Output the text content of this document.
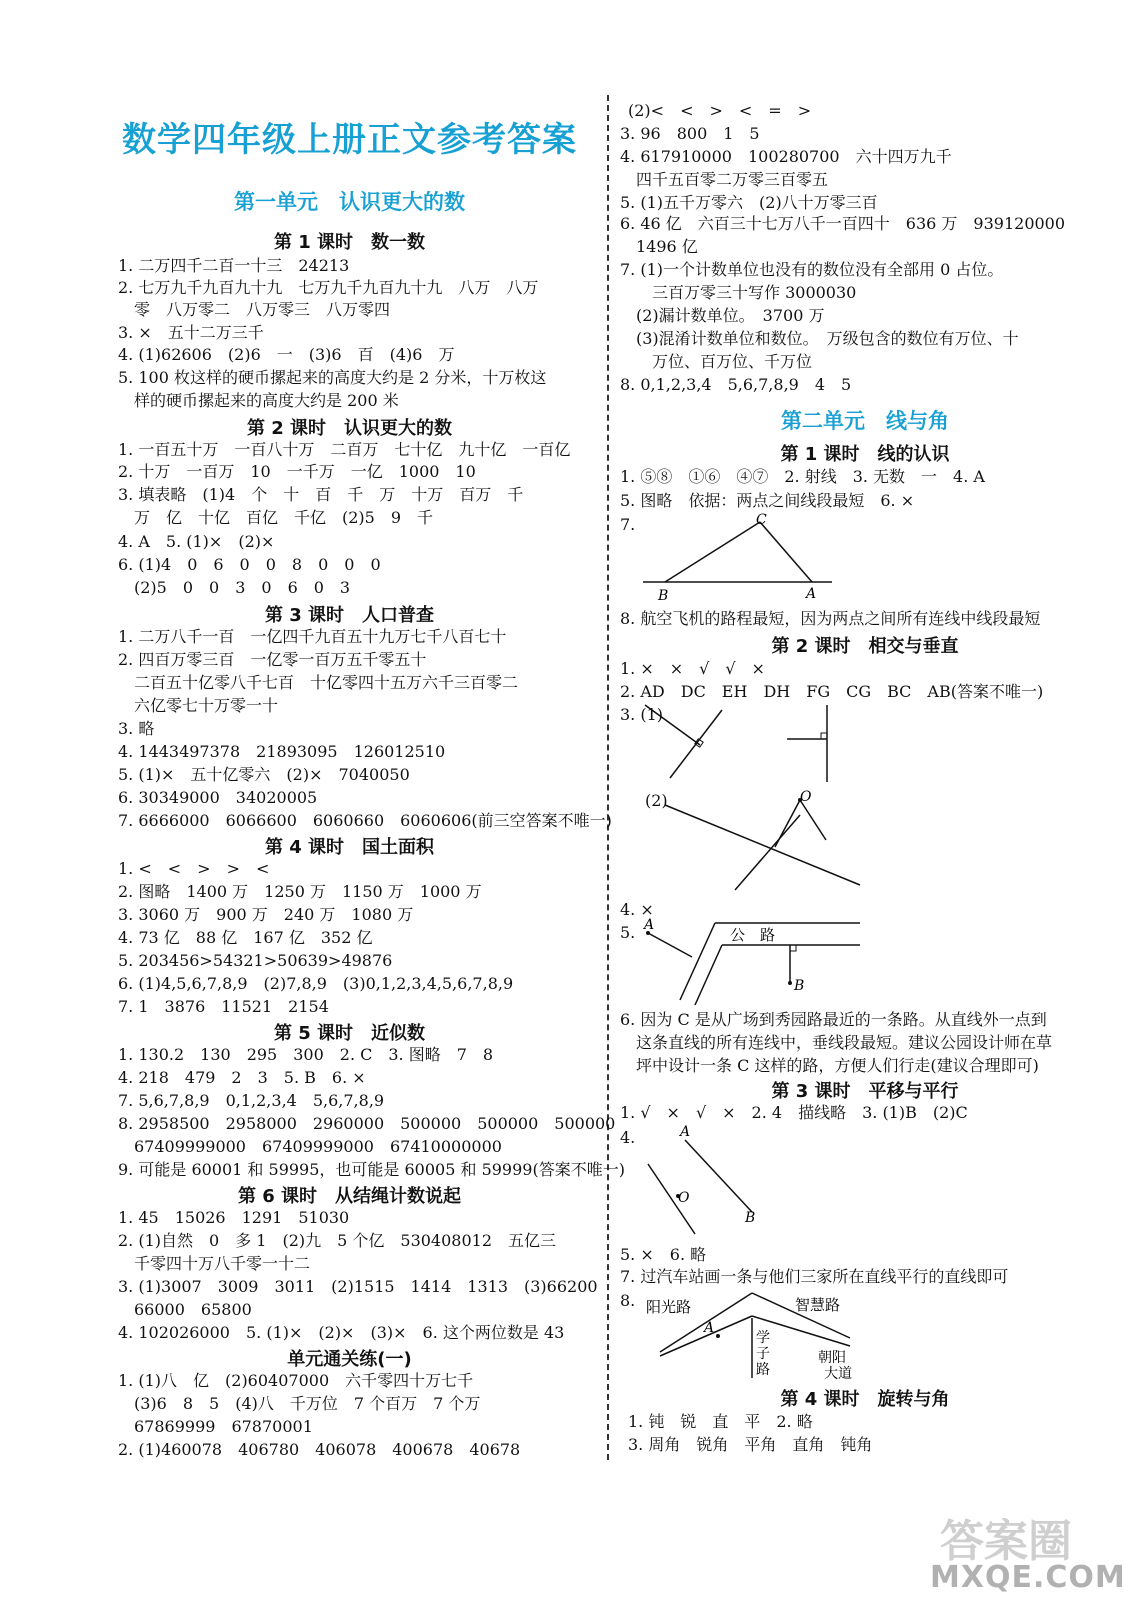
数学四年级上册正文参考答案
第一单元　认识更大的数
第 1 课时　数一数
1. 二万四千二百一十三　24213
2. 七万九千九百九十九　七万九千九百九十九　八万　八万
　零　八万零二　八万零三　八万零四
3. ×　五十二万三千
4. (1)62606　(2)6　一　(3)6　百　(4)6　万
5. 100 枚这样的硬币摞起来的高度大约是 2 分米，十万枚这
　样的硬币摞起来的高度大约是 200 米
第 2 课时　认识更大的数
1. 一百五十万　一百八十万　二百万　七十亿　九十亿　一百亿
2. 十万　一百万　10　一千万　一亿　1000　10
3. 填表略　(1)4　个　十　百　千　万　十万　百万　千
　万　亿　十亿　百亿　千亿　(2)5　9　千
4. A　5. (1)×　(2)×
6. (1)4　0　6　0　0　8　0　0　0
　(2)5　0　0　3　0　6　0　3
第 3 课时　人口普查
1. 二万八千一百　一亿四千九百五十九万七千八百七十
2. 四百万零三百　一亿零一百万五千零五十
　二百五十亿零八千七百　十亿零四十五万六千三百零二
　六亿零七十万零一十
3. 略
4. 1443497378　21893095　126012510
5. (1)×　五十亿零六　(2)×　7040050
6. 30349000　34020005
7. 6666000　6066600　6060660　6060606(前三空答案不唯一)
第 4 课时　国土面积
1. <　<　>　>　<
2. 图略　1400 万　1250 万　1150 万　1000 万
3. 3060 万　900 万　240 万　1080 万
4. 73 亿　88 亿　167 亿　352 亿
5. 203456>54321>50639>49876
6. (1)4,5,6,7,8,9　(2)7,8,9　(3)0,1,2,3,4,5,6,7,8,9
7. 1　3876　11521　2154
第 5 课时　近似数
1. 130.2　130　295　300　2. C　3. 图略　7　8
4. 218　479　2　3　5. B　6. ×
7. 5,6,7,8,9　0,1,2,3,4　5,6,7,8,9
8. 2958500　2958000　2960000　500000　500000　500000
　67409999000　67409999000　67410000000
9. 可能是 60001 和 59995，也可能是 60005 和 59999(答案不唯一)
第 6 课时　从结绳计数说起
1. 45　15026　1291　51030
2. (1)自然　0　多 1　(2)九　5 个亿　530408012　五亿三
　千零四十万八千零一十二
3. (1)3007　3009　3011　(2)1515　1414　1313　(3)66200
　66000　65800
4. 102026000　5. (1)×　(2)×　(3)×　6. 这个两位数是 43
单元通关练(一)
1. (1)八　亿　(2)60407000　六千零四十万七千
　(3)6　8　5　(4)八　千万位　7 个百万　7 个万
　67869999　67870001
2. (1)460078　406780　406078　400678　40678
(2)<　<　>　<　=　>
3. 96　800　1　5
4. 617910000　100280700　六十四万九千
　四千五百零二万零三百零五
5. (1)五千万零六　(2)八十万零三百
6. 46 亿　六百三十七万八千一百四十　636 万　939120000
　1496 亿
7. (1)一个计数单位也没有的数位没有全部用 0 占位。
　　三百万零三十写作 3000030
　(2)漏计数单位。　3700 万
　(3)混淆计数单位和数位。　万级包含的数位有万位、十
　　万位、百万位、千万位
8. 0,1,2,3,4　5,6,7,8,9　4　5
第二单元　线与角
第 1 课时　线的认识
1. ⑤⑧　①⑥　④⑦　2. 射线　3. 无数　一　4. A
5. 图略　依据：两点之间线段最短　6. ×
7.	C
B	A
8. 航空飞机的路程最短，因为两点之间所有连线中线段最短
第 2 课时　相交与垂直
1. ×　×　√　√　×
2. AD　DC　EH　DH　FG　CG　BC　AB(答案不唯一)
3. (1)
(2)	O
4. ×
5. A
B
公　路
6. 因为 C 是从广场到秀园路最近的一条路。从直线外一点到
　这条直线的所有连线中，垂线段最短。建议公园设计师在草
　坪中设计一条 C 这样的路，方便人们行走(建议合理即可)
第 3 课时　平移与平行
1. √　×　√　×　2. 4　描线略　3. (1)B　(2)C
4.	A
B
O
5. ×　6. 略
7. 过汽车站画一条与他们三家所在直线平行的直线即可
8. 阳光路	智慧路
A
学
子
路
朝阳
大道
第 4 课时　旋转与角
1. 钝　锐　直　平　2. 略
3. 周角　锐角　平角　直角　钝角
答案圈
MXQE.COM
